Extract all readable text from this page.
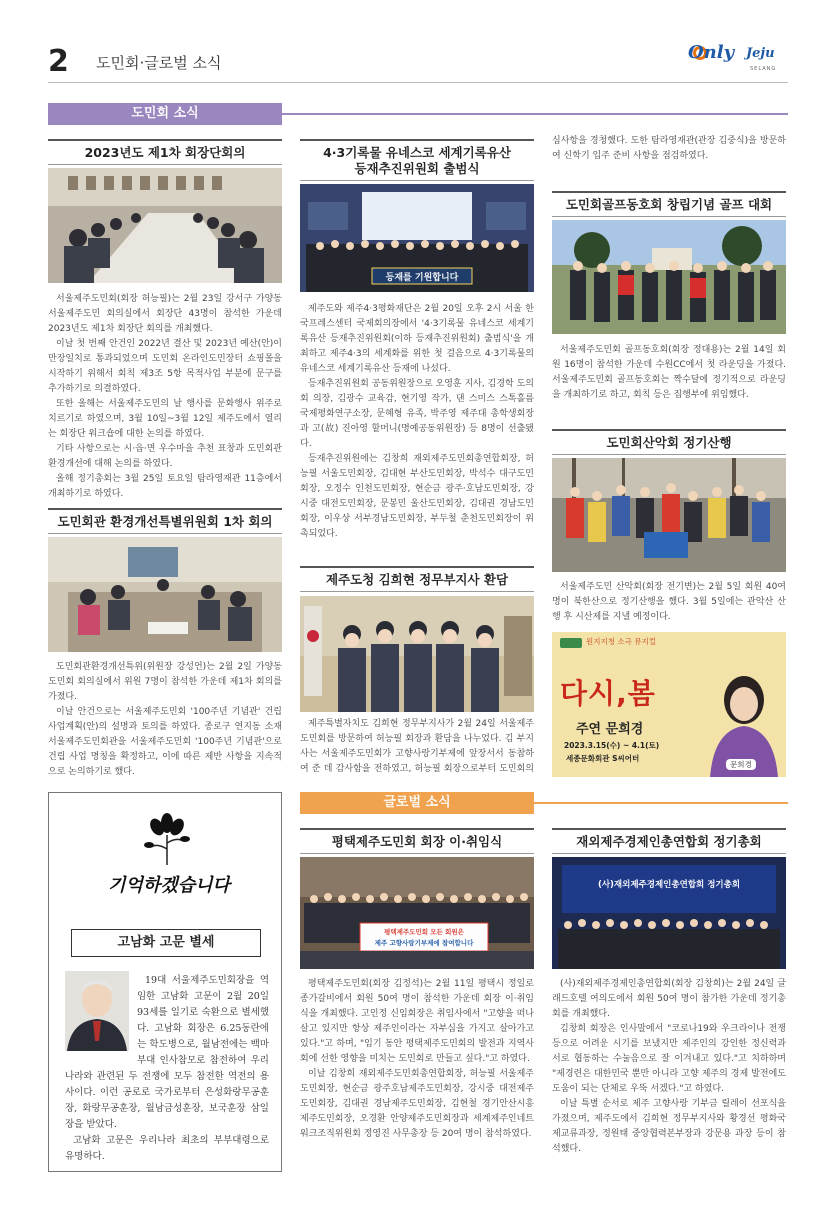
2 도민회·글로벌 소식	Only Jeju
SELANG
도민회 소식
2023년도 제1차 회장단회의

서울제주도민회(회장 허능필)는 2월 23일 강서구 가양동 서울제주도민 회의실에서 회장단 43명이 참석한 가운데 2023년도 제1차 회장단 회의를 개최했다.

이날 첫 번째 안건인 2022년 결산 및 2023년 예산(안)이 만장일치로 통과되었으며 도민회 온라인도민장터 쇼핑몰을 시작하기 위해서 회칙 제3조 5항 목적사업 부분에 문구를 추가하기로 의결하였다.

또한 올해는 서울제주도민의 날 행사를 문화행사 위주로 치르기로 하였으며, 3월 10일~3월 12일 제주도에서 열리는 회장단 워크숍에 대한 논의를 하였다.

기타 사항으로는 시·읍·면 우수마을 추천 표창과 도민회관 환경개선에 대해 논의를 하였다.

올해 정기총회는 3월 25일 토요일 탐라영재관 11층에서 개최하기로 하였다.

도민회관 환경개선특별위원회 1차 회의

도민회관환경개선특위(위원장 강성언)는 2월 2일 가양동 도민회 회의실에서 위원 7명이 참석한 가운데 제1차 회의를 가졌다.

이날 안건으로는 서울제주도민회 '100주년 기념관' 건립 사업계획(안)의 설명과 토의를 하였다. 종로구 연지동 소재 서울제주도민회관을 서울제주도민회 '100주년 기념관'으로 건립 사업 명칭을 확정하고, 이에 따른 제반 사항을 지속적으로 논의하기로 했다.

4·3기록물 유네스코 세계기록유산
등재추진위원회 출범식
등재를 기원합니다

제주도와 제주4·3평화재단은 2월 20일 오후 2시 서울 한국프레스센터 국제회의장에서 '4·3기록물 유네스코 세계기록유산 등재추진위원회(이하 등재추진위원회) 출범식'을 개최하고 제주4·3의 세계화를 위한 첫 걸음으로 4·3기록물의 유네스코 세계기록유산 등재에 나섰다.

등재추진위원회 공동위원장으로 오영훈 지사, 김경학 도의회 의장, 김광수 교육감, 현기영 작가, 댄 스미스 스톡홀름 국제평화연구소장, 문혜형 유족, 박주영 제주대 총학생회장과 고(故) 진아영 할머니(명예공동위원장) 등 8명이 선출됐다.

등재추진위원에는 김창희 재외제주도민회총연합회장, 허능필 서울도민회장, 김대현 부산도민회장, 박석수 대구도민회장, 오정수 인천도민회장, 현순금 광주·호남도민회장, 강시중 대전도민회장, 문봉민 울산도민회장, 김대권 경남도민회장, 이우상 서부경남도민회장, 부두철 춘천도민회장이 위촉되었다.

제주도청 김희현 정무부지사 환담

제주특별자치도 김희현 정무부지사가 2월 24일 서울제주도민회를 방문하여 허능필 회장과 환담을 나누었다. 김 부지사는 서울제주도민회가 고향사랑기부제에 앞장서서 동참하여 준 데 감사함을 전하였고, 허능필 회장으로부터 도민회의

심사항을 경청했다. 도한 탐라영재관(관장 김중식)을 방문하여 신학기 입주 준비 사항을 점검하였다.

도민회골프동호회 창립기념 골프 대회

서울제주도민회 골프동호회(회장 정대용)는 2월 14일 회원 16명이 참석한 가운데 수원CC에서 첫 라운딩을 가졌다. 서울제주도민회 골프동호회는 짝수달에 정기적으로 라운딩을 개최하기로 하고, 회칙 등은 집행부에 위임했다.

도민회산악회 정기산행

서울제주도민 산악회(회장 전기변)는 2월 5일 회원 40여 명이 북한산으로 정기산행을 했다. 3월 5일에는 관악산 산행 후 시산제를 지낼 예정이다.

원지지청 소극 뮤지컬
다시,봄
주연 문희경
2023.3.15(수) ~ 4.1(토)
세종문화회관 S씨어터
문희경
글로벌 소식
기억하겠습니다
고남화 고문 별세

19대 서울제주도민회장을 역임한 고남화 고문이 2월 20일 93세를 일기로 숙환으로 별세했다. 고남화 회장은 6.25동란에는 학도병으로, 월남전에는 백마부대 인사참모로 참전하여 우리나라와 관련된 두 전쟁에 모두 참전한 역전의 용사이다. 이런 공로로 국가로부터 은성화랑무공훈장, 화랑무공훈장, 월남금성훈장, 보국훈장 삼일장을 받았다.

고남화 고문은 우리나라 최초의 부부대령으로 유명하다.

평택제주도민회 회장 이·취임식
평택제주도민회 모든 회원은
제주 고향사랑기부제에 참여합니다

평택제주도민회(회장 김정석)는 2월 11일 평택시 정일로 종가갈비에서 회원 50여 명이 참석한 가운데 회장 이·취임식을 개최했다. 고인정 신임회장은 취임사에서 "고향을 떠나 살고 있지만 항상 제주인이라는 자부심을 가지고 살아가고 있다."고 하며, "임기 동안 평택제주도민회의 발전과 지역사회에 선한 영향을 미치는 도민회로 만들고 싶다."고 하였다.

이날 김창희 재외제주도민회총연합회장, 허능필 서울제주도민회장, 현순금 광주호남제주도민회장, 강시중 대전제주도민회장, 김대권 경남제주도민회장, 김현철 경기안산시흥제주도민회장, 오경환 안양제주도민회장과 세계제주인네트워크조직위원회 정영진 사무총장 등 20여 명이 참석하였다.

재외제주경제인총연합회 정기총회
(사)재외제주경제인총연합회 정기총회

(사)재외제주경제인총연합회(회장 김창희)는 2월 24일 글래드호텔 여의도에서 회원 50여 명이 참가한 가운데 정기총회를 개최했다.

김창희 회장은 인사말에서 "코로나19와 우크라이나 전쟁 등으로 어려운 시기를 보냈지만 제주인의 강인한 정신력과 서로 협동하는 수눌음으로 잘 이겨내고 있다."고 치하하며 "제경련은 대한민국 뿐만 아니라 고향 제주의 경제 발전에도 도움이 되는 단체로 우뚝 서겠다."고 하였다.

이날 특별 순서로 제주 고향사랑 기부금 릴레이 선포식을 가졌으며, 제주도에서 김희현 정무부지사와 황경선 평화국제교류과장, 정원태 중앙협력본부장과 강문용 과장 등이 참석했다.
